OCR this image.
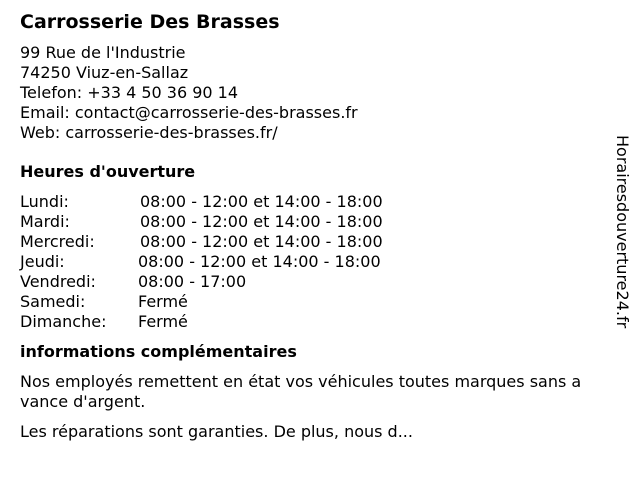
Carrosserie Des Brasses
99 Rue de l'Industrie
74250 Viuz-en-Sallaz
Telefon: +33 4 50 36 90 14
Email: contact@carrosserie-des-brasses.fr
Web: carrosserie-des-brasses.fr/
Heures d'ouverture
Lundi:	08:00 - 12:00 et 14:00 - 18:00
Mardi:	08:00 - 12:00 et 14:00 - 18:00
Mercredi:	08:00 - 12:00 et 14:00 - 18:00
Jeudi:	08:00 - 12:00 et 14:00 - 18:00
Vendredi:	08:00 - 17:00
Samedi:	Fermé
Dimanche:	Fermé
informations complémentaires

Nos employés remettent en état vos véhicules toutes marques sans a vance d'argent.

Les réparations sont garanties. De plus, nous d...

Horairesdouverture24.fr
